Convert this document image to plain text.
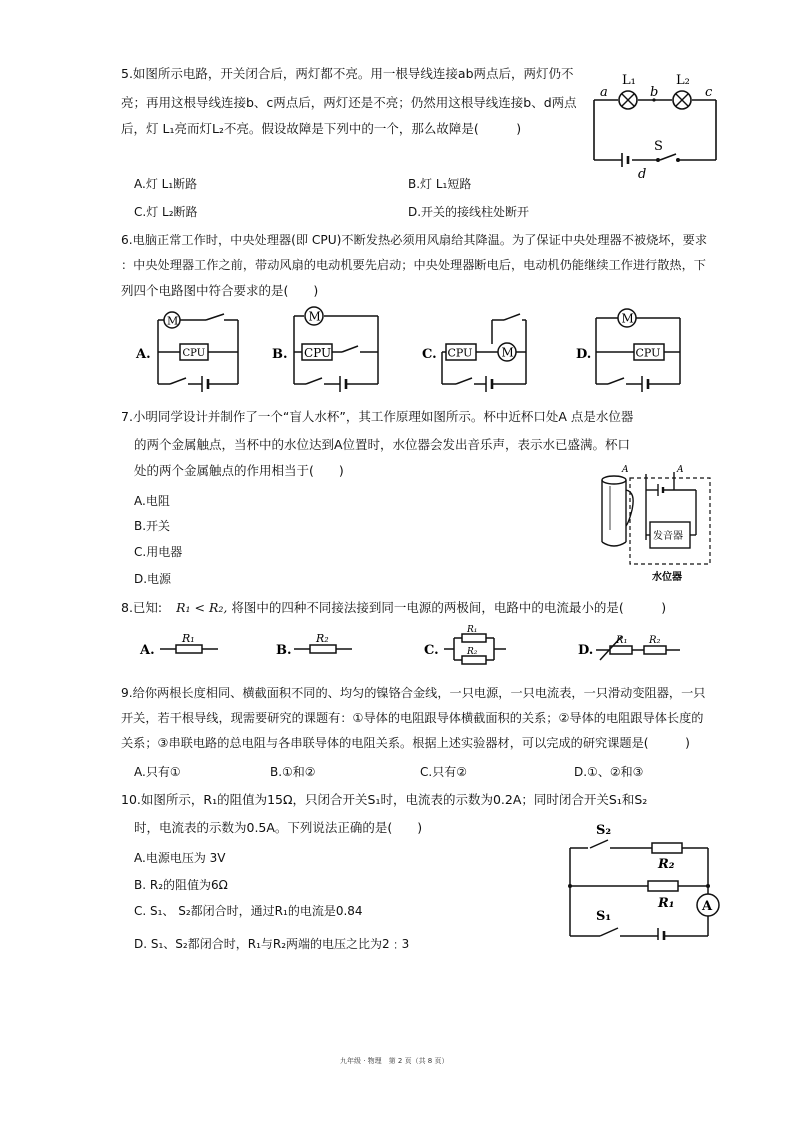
5.如图所示电路，开关闭合后，两灯都不亮。用一根导线连接ab两点后，两灯仍不
亮；再用这根导线连接b、c两点后，两灯还是不亮；仍然用这根导线连接b、d两点
后，灯 L₁亮而灯L₂不亮。假设故障是下列中的一个，那么故障是(　　　)
a
L₁
b
L₂
c
S
d
A.灯 L₁断路	B.灯 L₁短路
C.灯 L₂断路	D.开关的接线柱处断开
6.电脑正常工作时，中央处理器(即 CPU)不断发热必须用风扇给其降温。为了保证中央处理器不被烧坏，要求
：中央处理器工作之前，带动风扇的电动机要先启动；中央处理器断电后，电动机仍能继续工作进行散热，下
列四个电路图中符合要求的是(　　)
M
CPU
A.
M
CPU
B.	M
CPU
C.
M
CPU
D.
7.小明同学设计并制作了一个“盲人水杯”，其工作原理如图所示。杯中近杯口处A 点是水位器
的两个金属触点，当杯中的水位达到A位置时，水位器会发出音乐声，表示水已盛满。杯口
处的两个金属触点的作用相当于(　　)
A.电阻
B.开关
C.用电器
D.电源
A	A
发音器
水位器
8.已知: R₁ < R₂, 将图中的四种不同接法接到同一电源的两极间，电路中的电流最小的是(　　　)
A.
R₁
B.
R₂
C.
R₁
R₂	D.
R₁ R₂
9.给你两根长度相同、横截面积不同的、均匀的镍铬合金线，一只电源，一只电流表，一只滑动变阻器，一只
开关，若干根导线，现需要研究的课题有：①导体的电阻跟导体横截面积的关系；②导体的电阻跟导体长度的
关系；③串联电路的总电阻与各串联导体的电阻关系。根据上述实验器材，可以完成的研究课题是(　　　)
A.只有①	B.①和②	C.只有②	D.①、②和③
10.如图所示，R₁的阻值为15Ω，只闭合开关S₁时，电流表的示数为0.2A；同时闭合开关S₁和S₂
时，电流表的示数为0.5A。下列说法正确的是(　　)
A.电源电压为 3V
B. R₂的阻值为6Ω
C. S₁、 S₂都闭合时，通过R₁的电流是0.84
D. S₁、S₂都闭合时，R₁与R₂两端的电压之比为2﹕3
A
S₂
R₂
R₁
S₁
九年级 · 物理　第 2 页（共 8 页）
